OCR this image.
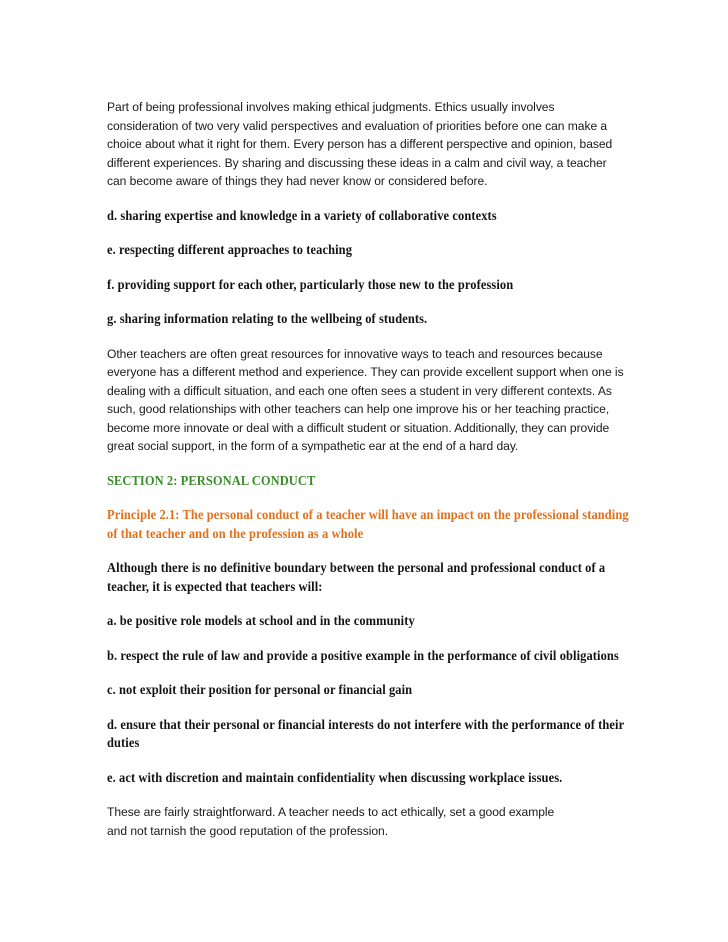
Part of being professional involves making ethical judgments. Ethics usually involves consideration of two very valid perspectives and evaluation of priorities before one can make a choice about what it right for them. Every person has a different perspective and opinion, based different experiences. By sharing and discussing these ideas in a calm and civil way, a teacher can become aware of things they had never know or considered before.

d. sharing expertise and knowledge in a variety of collaborative contexts

e. respecting different approaches to teaching

f. providing support for each other, particularly those new to the profession

g. sharing information relating to the wellbeing of students.

Other teachers are often great resources for innovative ways to teach and resources because everyone has a different method and experience. They can provide excellent support when one is dealing with a difficult situation, and each one often sees a student in very different contexts. As such, good relationships with other teachers can help one improve his or her teaching practice, become more innovate or deal with a difficult student or situation. Additionally, they can provide great social support, in the form of a sympathetic ear at the end of a hard day.

SECTION 2: PERSONAL CONDUCT

Principle 2.1: The personal conduct of a teacher will have an impact on the professional standing of that teacher and on the profession as a whole

Although there is no definitive boundary between the personal and professional conduct of a teacher, it is expected that teachers will:

a. be positive role models at school and in the community

b. respect the rule of law and provide a positive example in the performance of civil obligations

c. not exploit their position for personal or financial gain

d. ensure that their personal or financial interests do not interfere with the performance of their duties

e. act with discretion and maintain confidentiality when discussing workplace issues.

These are fairly straightforward. A teacher needs to act ethically, set a good example and not tarnish the good reputation of the profession.
